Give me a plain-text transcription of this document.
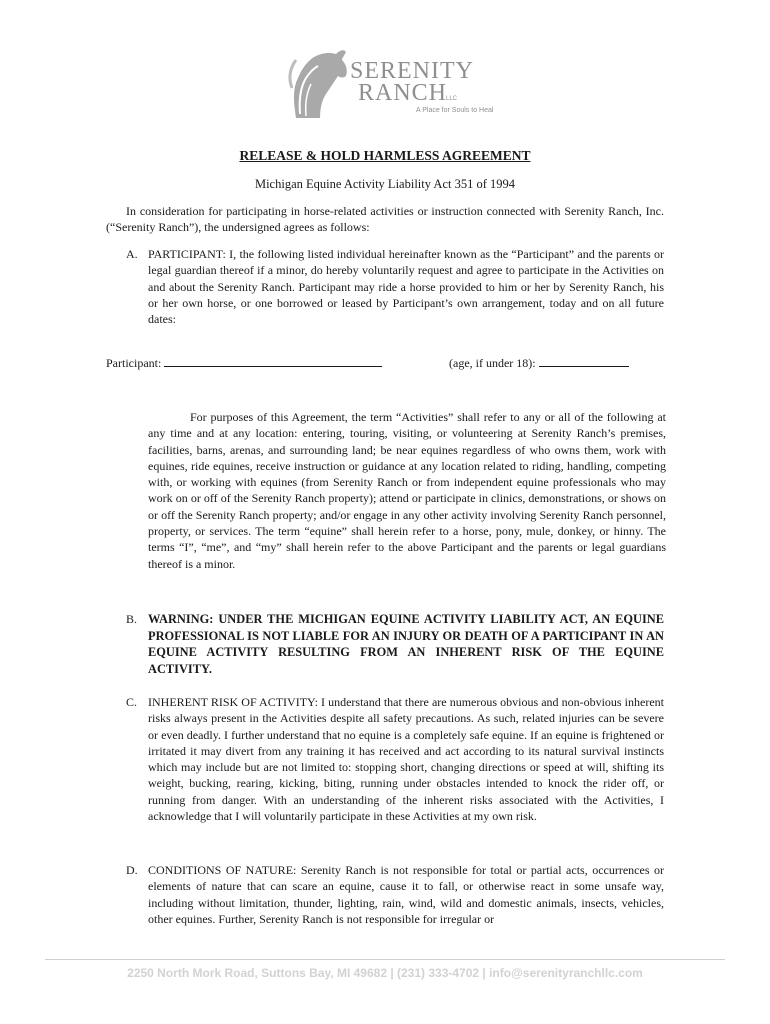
SERENITY
RANCH
LLC
A Place for Souls to Heal
RELEASE & HOLD HARMLESS AGREEMENT
Michigan Equine Activity Liability Act 351 of 1994
In consideration for participating in horse-related activities or instruction connected with Serenity Ranch, Inc. (“Serenity Ranch”), the undersigned agrees as follows:
A. PARTICIPANT: I, the following listed individual hereinafter known as the “Participant” and the parents or legal guardian thereof if a minor, do hereby voluntarily request and agree to participate in the Activities on and about the Serenity Ranch. Participant may ride a horse provided to him or her by Serenity Ranch, his or her own horse, or one borrowed or leased by Participant’s own arrangement, today and on all future dates:
Participant:	(age, if under 18):
For purposes of this Agreement, the term “Activities” shall refer to any or all of the following at any time and at any location: entering, touring, visiting, or volunteering at Serenity Ranch’s premises, facilities, barns, arenas, and surrounding land; be near equines regardless of who owns them, work with equines, ride equines, receive instruction or guidance at any location related to riding, handling, competing with, or working with equines (from Serenity Ranch or from independent equine professionals who may work on or off of the Serenity Ranch property); attend or participate in clinics, demonstrations, or shows on or off the Serenity Ranch property; and/or engage in any other activity involving Serenity Ranch personnel, property, or services. The term “equine” shall herein refer to a horse, pony, mule, donkey, or hinny. The terms “I”, “me”, and “my” shall herein refer to the above Participant and the parents or legal guardians thereof is a minor.
B. WARNING: UNDER THE MICHIGAN EQUINE ACTIVITY LIABILITY ACT, AN EQUINE PROFESSIONAL IS NOT LIABLE FOR AN INJURY OR DEATH OF A PARTICIPANT IN AN EQUINE ACTIVITY RESULTING FROM AN INHERENT RISK OF THE EQUINE ACTIVITY.
C. INHERENT RISK OF ACTIVITY: I understand that there are numerous obvious and non-obvious inherent risks always present in the Activities despite all safety precautions. As such, related injuries can be severe or even deadly. I further understand that no equine is a completely safe equine. If an equine is frightened or irritated it may divert from any training it has received and act according to its natural survival instincts which may include but are not limited to: stopping short, changing directions or speed at will, shifting its weight, bucking, rearing, kicking, biting, running under obstacles intended to knock the rider off, or running from danger. With an understanding of the inherent risks associated with the Activities, I acknowledge that I will voluntarily participate in these Activities at my own risk.
D. CONDITIONS OF NATURE: Serenity Ranch is not responsible for total or partial acts, occurrences or elements of nature that can scare an equine, cause it to fall, or otherwise react in some unsafe way, including without limitation, thunder, lighting, rain, wind, wild and domestic animals, insects, vehicles, other equines. Further, Serenity Ranch is not responsible for irregular or
2250 North Mork Road, Suttons Bay, MI 49682 | (231) 333-4702 | info@serenityranchllc.com
